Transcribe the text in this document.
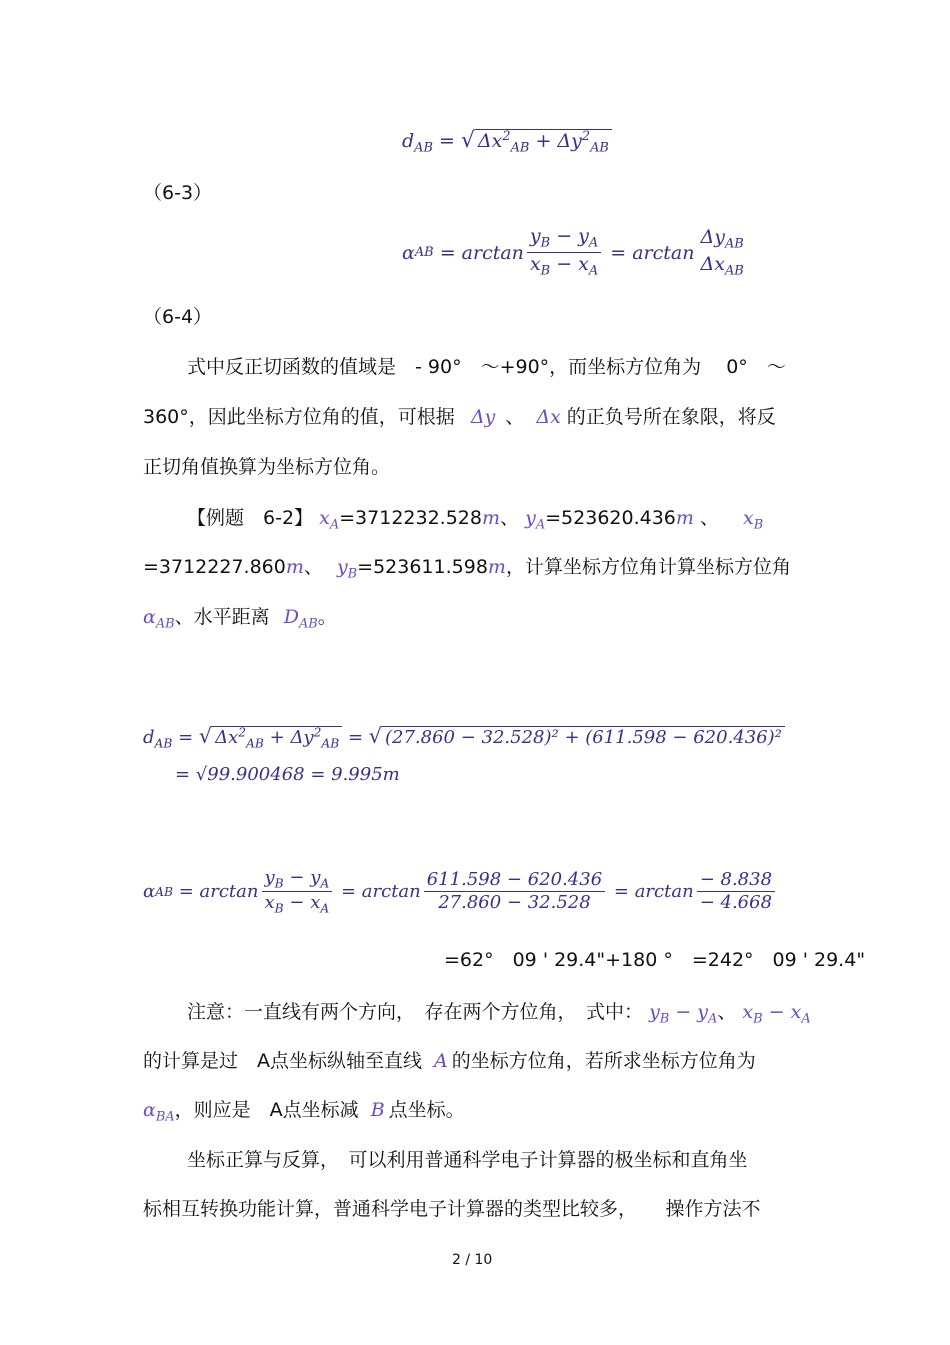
$d_{AB}$ = √ $\Delta x^2_{AB} + \Delta y^2_{AB}$
（6-3）
α AB = $\arctan \frac{y_B - y_A}{x_B - x_A} = \arctan$
$\Delta y_{AB}$
$\Delta x_{AB}$
（6-4）
式中反正切函数的值域是　- 90°　～+90°，而坐标方位角为　 0°　～
360°，因此坐标方位角的值，可根据 Δy 、 Δx 的正负号所在象限，将反
正切角值换算为坐标方位角。
【例题　6-2】 $x_A=3712232.528m$、 $y_A=523620.436m$ 、 $x_B$
=3712227.860m、 $y_B=523611.598m$，计算坐标方位角计算坐标方位角
$\alpha_{AB}$、水平距离 $D_{AB}$。
$d_{AB}$ = √ $\Delta x^2_{AB} + \Delta y^2_{AB}$ = √ (27.860 − 32.528)² + (611.598 − 620.436)²
= √99.900468 = 9.995m
α AB = $\arctan \frac{y_B - y_A}{x_B - x_A} = \arctan \frac{611.598 - 620.436}{27.860 - 32.528} = \arctan \frac{- 8.838}{- 4.668}$
=62°　09 ' 29.4"+180 °　=242°　09 ' 29.4"
注意：一直线有两个方向，　存在两个方位角，　式中： $y_B - y_A$、 $x_B - x_A$
的计算是过　A点坐标纵轴至直线 A 的坐标方位角，若所求坐标方位角为
$\alpha_{BA}$，则应是　A点坐标减 B 点坐标。
坐标正算与反算，　可以利用普通科学电子计算器的极坐标和直角坐
标相互转换功能计算，普通科学电子计算器的类型比较多，　　操作方法不
2 / 10
